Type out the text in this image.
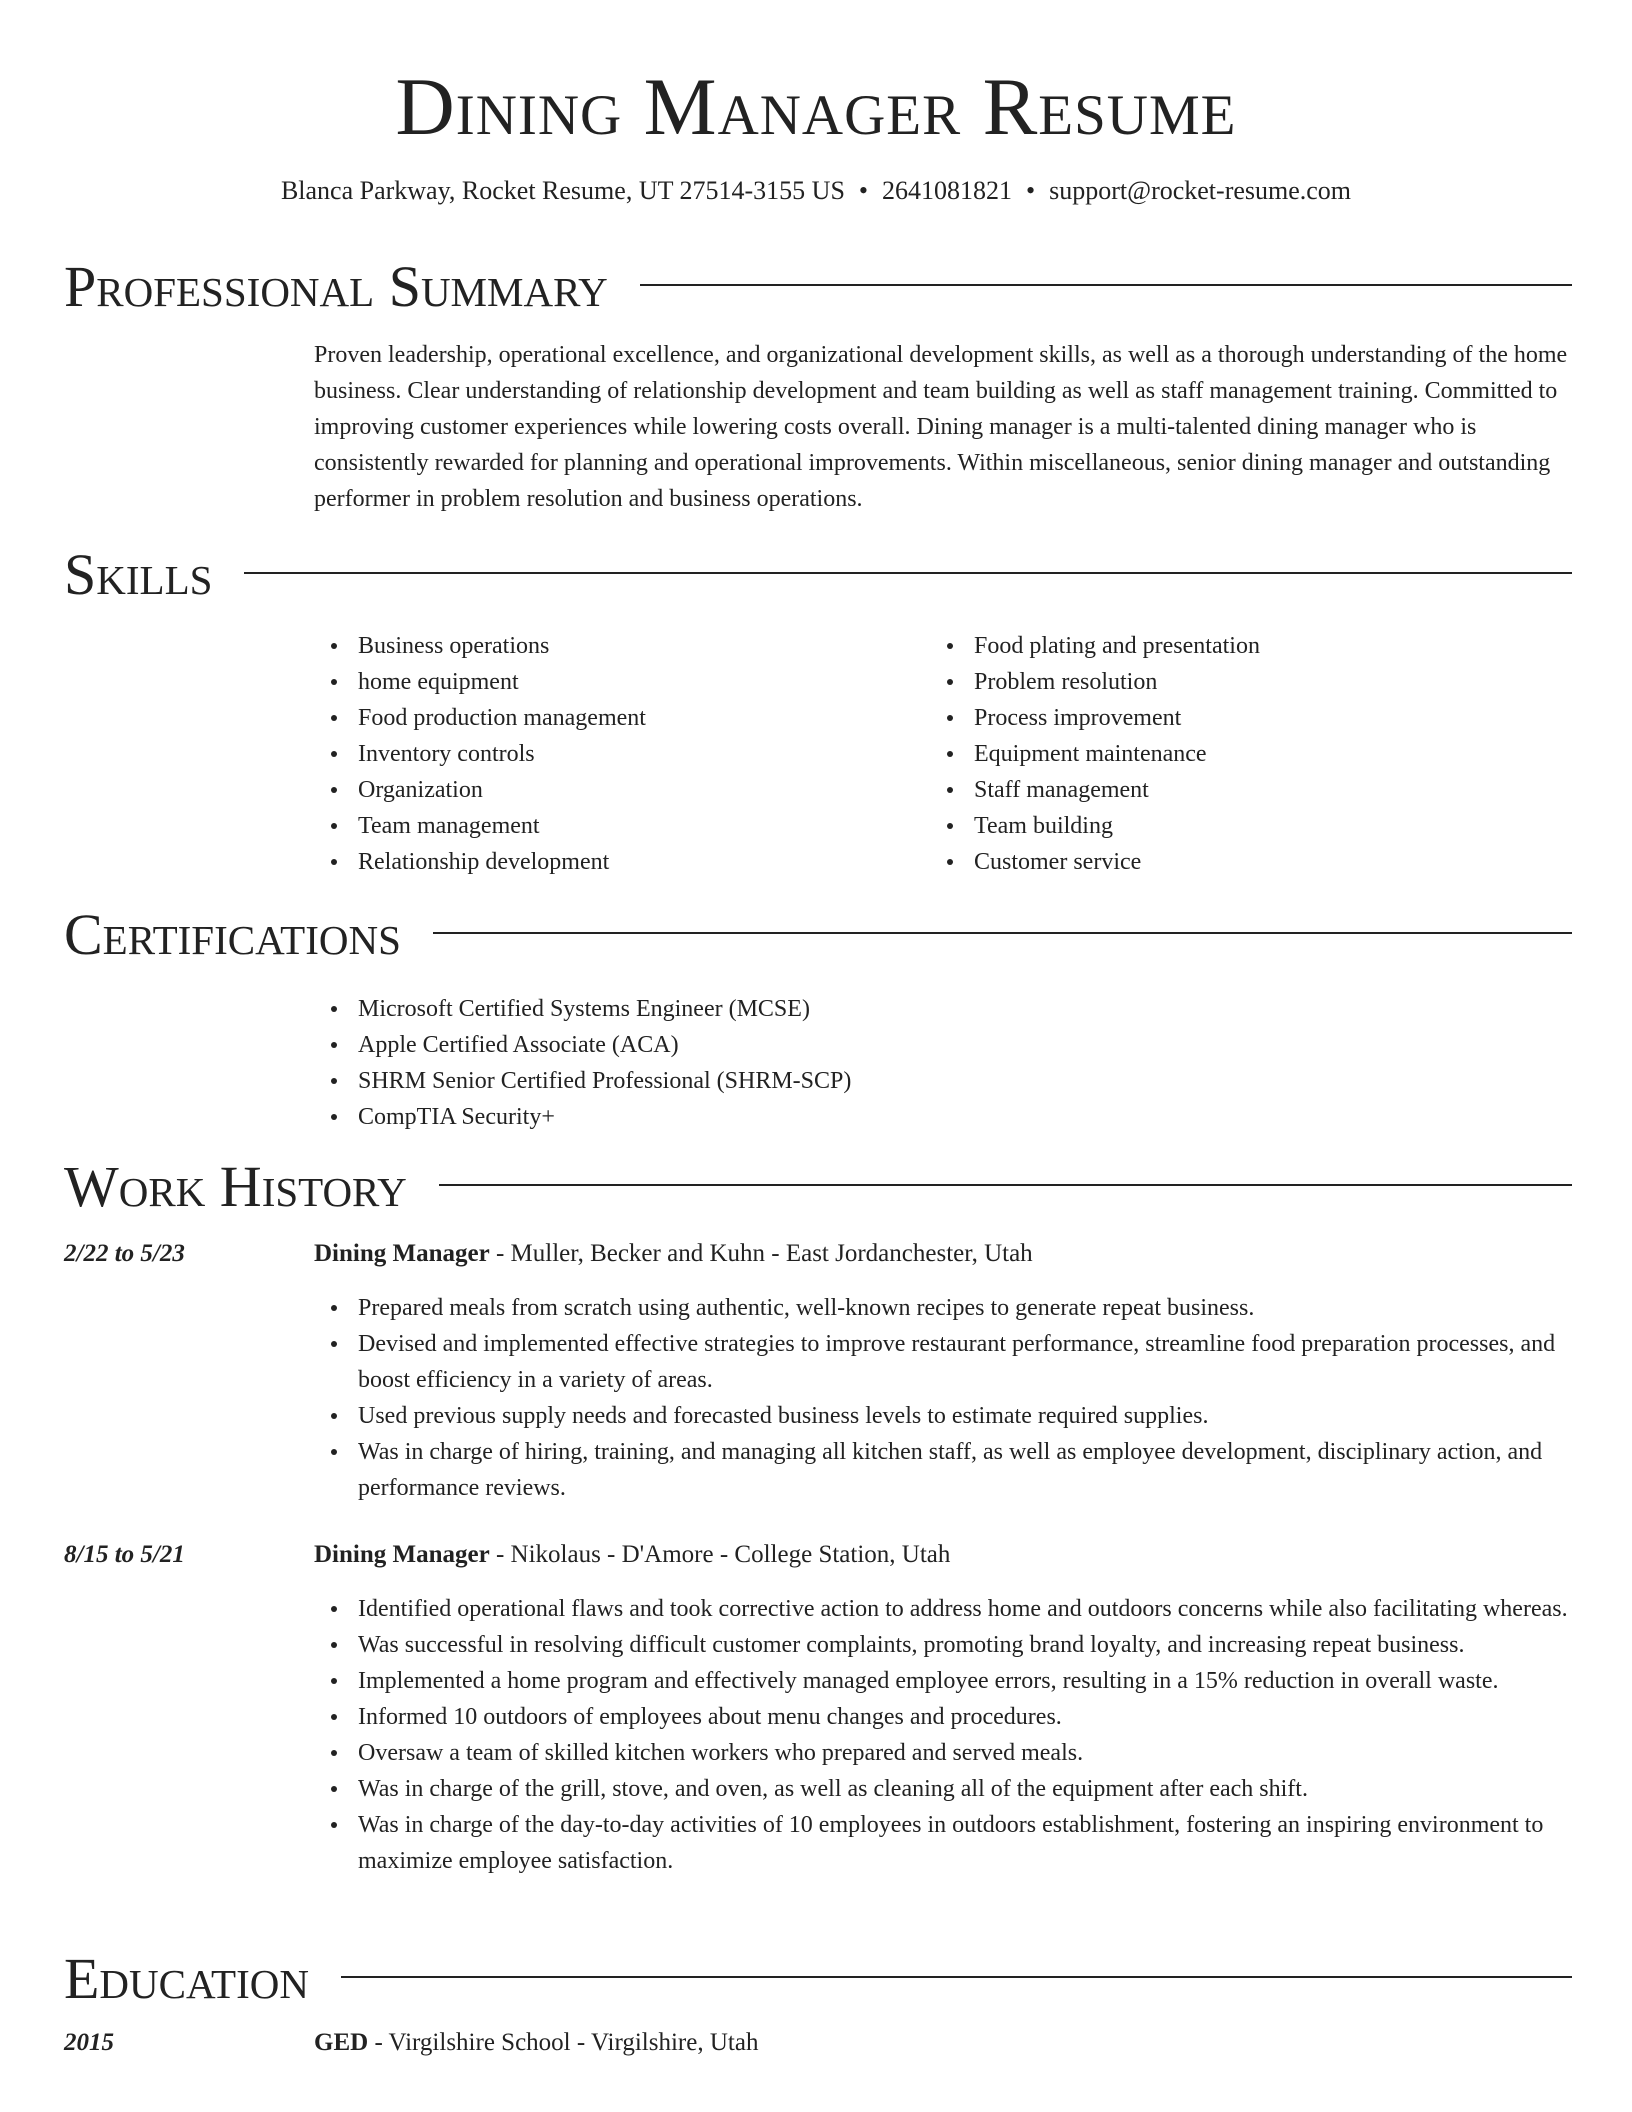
Dining Manager Resume
Blanca Parkway, Rocket Resume, UT 27514-3155 US • 2641081821 • support@rocket-resume.com
Professional Summary

Proven leadership, operational excellence, and organizational development skills, as well as a thorough understanding of the home business. Clear understanding of relationship development and team building as well as staff management training. Committed to improving customer experiences while lowering costs overall. Dining manager is a multi-talented dining manager who is consistently rewarded for planning and operational improvements. Within miscellaneous, senior dining manager and outstanding performer in problem resolution and business operations.

Skills
Business operations
home equipment
Food production management
Inventory controls
Organization
Team management
Relationship development
Food plating and presentation
Problem resolution
Process improvement
Equipment maintenance
Staff management
Team building
Customer service
Certifications
Microsoft Certified Systems Engineer (MCSE)
Apple Certified Associate (ACA)
SHRM Senior Certified Professional (SHRM-SCP)
CompTIA Security+
Work History
2/22 to 5/23	Dining Manager - Muller, Becker and Kuhn - East Jordanchester, Utah
Prepared meals from scratch using authentic, well-known recipes to generate repeat business.
Devised and implemented effective strategies to improve restaurant performance, streamline food preparation processes, and boost efficiency in a variety of areas.
Used previous supply needs and forecasted business levels to estimate required supplies.
Was in charge of hiring, training, and managing all kitchen staff, as well as employee development, disciplinary action, and performance reviews.
8/15 to 5/21	Dining Manager - Nikolaus - D'Amore - College Station, Utah
Identified operational flaws and took corrective action to address home and outdoors concerns while also facilitating whereas.
Was successful in resolving difficult customer complaints, promoting brand loyalty, and increasing repeat business.
Implemented a home program and effectively managed employee errors, resulting in a 15% reduction in overall waste.
Informed 10 outdoors of employees about menu changes and procedures.
Oversaw a team of skilled kitchen workers who prepared and served meals.
Was in charge of the grill, stove, and oven, as well as cleaning all of the equipment after each shift.
Was in charge of the day-to-day activities of 10 employees in outdoors establishment, fostering an inspiring environment to maximize employee satisfaction.
Education
2015	GED - Virgilshire School - Virgilshire, Utah
